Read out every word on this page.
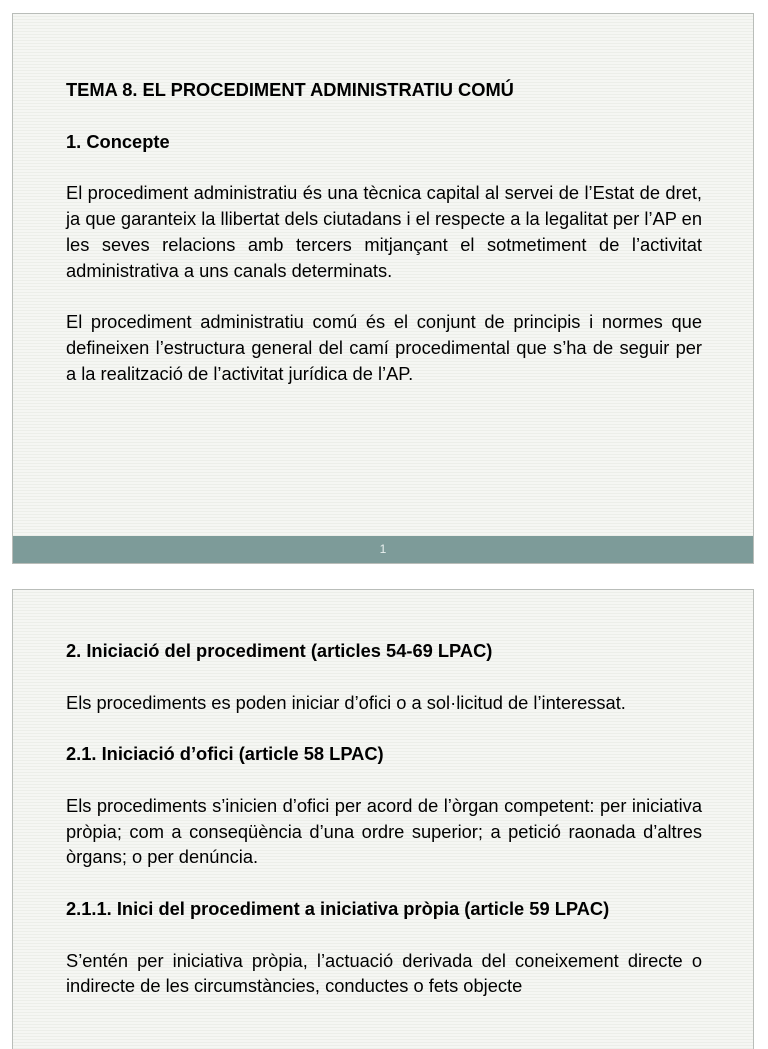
TEMA 8. EL PROCEDIMENT ADMINISTRATIU COMÚ
1. Concepte

El procediment administratiu és una tècnica capital al servei de l’Estat de dret, ja que garanteix la llibertat dels ciutadans i el respecte a la legalitat per l’AP en les seves relacions amb tercers mitjançant el sotmetiment de l’activitat administrativa a uns canals determinats.

El procediment administratiu comú és el conjunt de principis i normes que defineixen l’estructura general del camí procedimental que s’ha de seguir per a la realització de l’activitat jurídica de l’AP.

1
2. Iniciació del procediment (articles 54-69 LPAC)

Els procediments es poden iniciar d’ofici o a sol·licitud de l’interessat.

2.1. Iniciació d’ofici (article 58 LPAC)

Els procediments s’inicien d’ofici per acord de l’òrgan competent: per iniciativa pròpia; com a conseqüència d’una ordre superior; a petició raonada d’altres òrgans; o per denúncia.

2.1.1. Inici del procediment a iniciativa pròpia (article 59 LPAC)

S’entén per iniciativa pròpia, l’actuació derivada del coneixement directe o indirecte de les circumstàncies, conductes o fets objecte
